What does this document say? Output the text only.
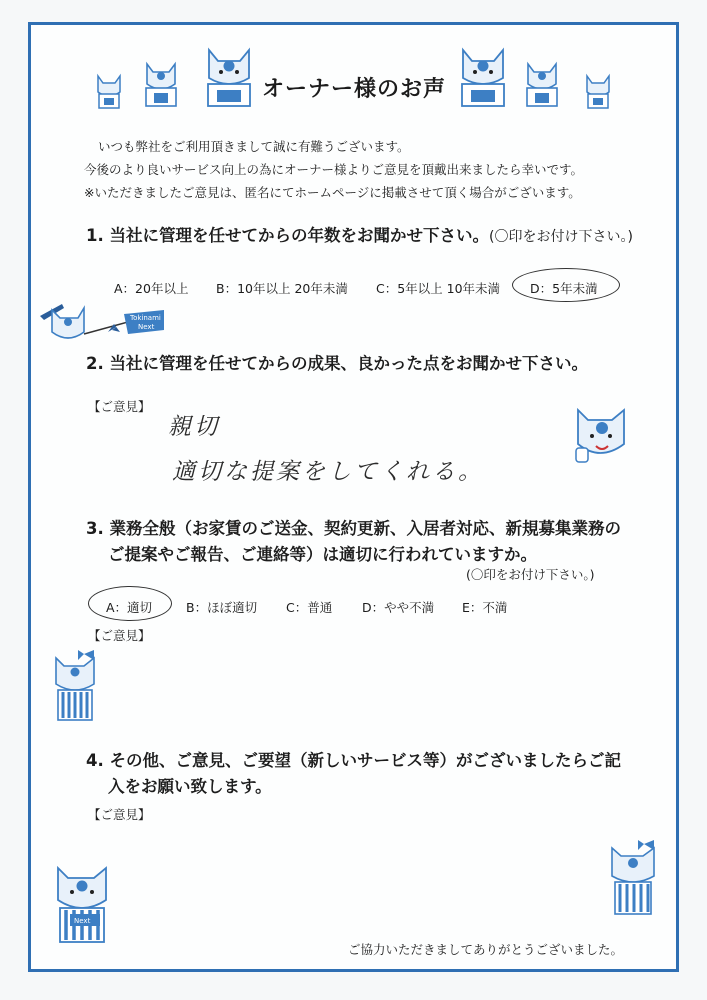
オーナー様のお声
いつも弊社をご利用頂きまして誠に有難うございます。
今後のより良いサービス向上の為にオーナー様よりご意見を頂戴出来ましたら幸いです。
※いただきましたご意見は、匿名にてホームページに掲載させて頂く場合がございます。
1. 当社に管理を任せてからの年数をお聞かせ下さい。(〇印をお付け下さい。)
A：20年以上 B：10年以上 20年未満 C：5年以上 10年未満 D：5年未満
Tokinami
Next
2. 当社に管理を任せてからの成果、良かった点をお聞かせ下さい。
【ご意見】
親切
適切な提案をしてくれる。
3. 業務全般（お家賃のご送金、契約更新、入居者対応、新規募集業務の
ご提案やご報告、ご連絡等）は適切に行われていますか。
(〇印をお付け下さい。)
A：適切	B：ほぼ適切 C：普通 D：やや不満 E：不満
【ご意見】
4. その他、ご意見、ご要望（新しいサービス等）がございましたらご記
入をお願い致します。
【ご意見】
Next
ご協力いただきましてありがとうございました。
